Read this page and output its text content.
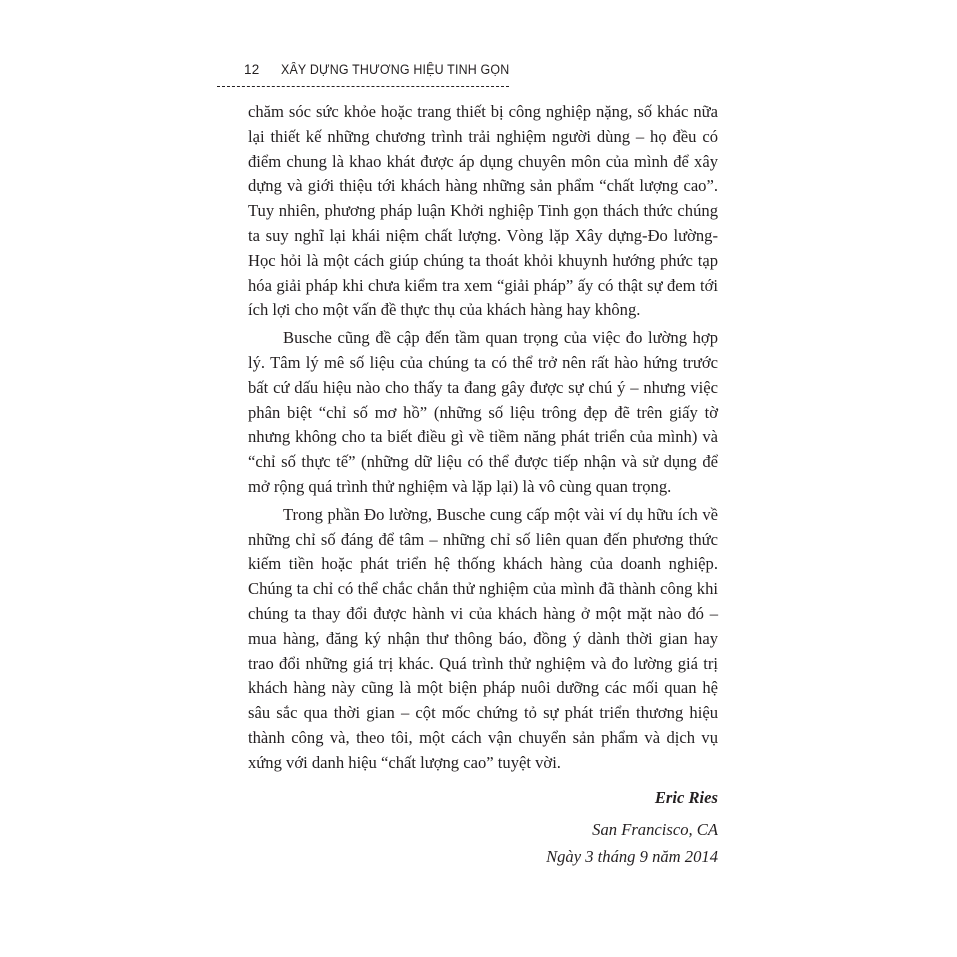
12 XÂY DỰNG THƯƠNG HIỆU TINH GỌN

chăm sóc sức khỏe hoặc trang thiết bị công nghiệp nặng, số khác nữa lại thiết kế những chương trình trải nghiệm người dùng – họ đều có điểm chung là khao khát được áp dụng chuyên môn của mình để xây dựng và giới thiệu tới khách hàng những sản phẩm “chất lượng cao”. Tuy nhiên, phương pháp luận Khởi nghiệp Tinh gọn thách thức chúng ta suy nghĩ lại khái niệm chất lượng. Vòng lặp Xây dựng-Đo lường-Học hỏi là một cách giúp chúng ta thoát khỏi khuynh hướng phức tạp hóa giải pháp khi chưa kiểm tra xem “giải pháp” ấy có thật sự đem tới ích lợi cho một vấn đề thực thụ của khách hàng hay không.

Busche cũng đề cập đến tầm quan trọng của việc đo lường hợp lý. Tâm lý mê số liệu của chúng ta có thể trở nên rất hào hứng trước bất cứ dấu hiệu nào cho thấy ta đang gây được sự chú ý – nhưng việc phân biệt “chỉ số mơ hồ” (những số liệu trông đẹp đẽ trên giấy tờ nhưng không cho ta biết điều gì về tiềm năng phát triển của mình) và “chỉ số thực tế” (những dữ liệu có thể được tiếp nhận và sử dụng để mở rộng quá trình thử nghiệm và lặp lại) là vô cùng quan trọng.

Trong phần Đo lường, Busche cung cấp một vài ví dụ hữu ích về những chỉ số đáng để tâm – những chỉ số liên quan đến phương thức kiếm tiền hoặc phát triển hệ thống khách hàng của doanh nghiệp. Chúng ta chỉ có thể chắc chắn thử nghiệm của mình đã thành công khi chúng ta thay đổi được hành vi của khách hàng ở một mặt nào đó – mua hàng, đăng ký nhận thư thông báo, đồng ý dành thời gian hay trao đổi những giá trị khác. Quá trình thử nghiệm và đo lường giá trị khách hàng này cũng là một biện pháp nuôi dưỡng các mối quan hệ sâu sắc qua thời gian – cột mốc chứng tỏ sự phát triển thương hiệu thành công và, theo tôi, một cách vận chuyển sản phẩm và dịch vụ xứng với danh hiệu “chất lượng cao” tuyệt vời.

Eric Ries
San Francisco, CA
Ngày 3 tháng 9 năm 2014
